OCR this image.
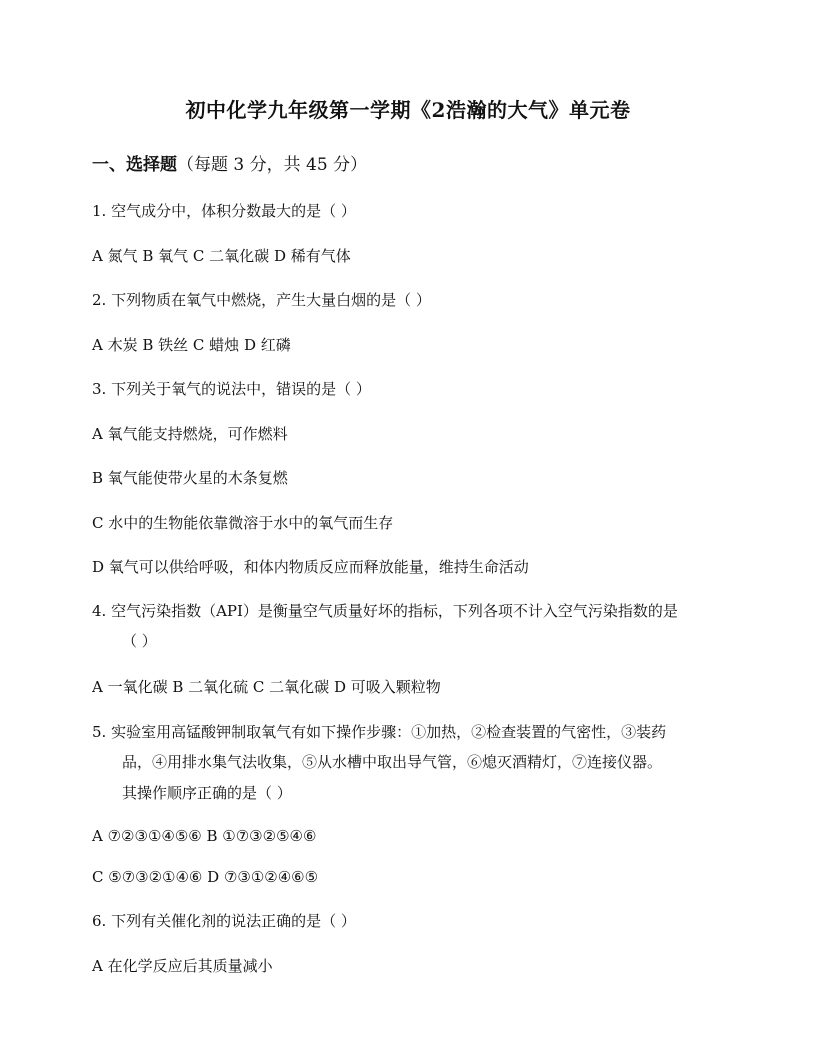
初中化学九年级第一学期《2浩瀚的大气》单元卷
一、选择题（每题 3 分，共 45 分）
1. 空气成分中，体积分数最大的是（ ）
A 氮气 B 氧气 C 二氧化碳 D 稀有气体
2. 下列物质在氧气中燃烧，产生大量白烟的是（ ）
A 木炭 B 铁丝 C 蜡烛 D 红磷
3. 下列关于氧气的说法中，错误的是（ ）
A 氧气能支持燃烧，可作燃料
B 氧气能使带火星的木条复燃
C 水中的生物能依靠微溶于水中的氧气而生存
D 氧气可以供给呼吸，和体内物质反应而释放能量，维持生命活动
4. 空气污染指数（API）是衡量空气质量好坏的指标，下列各项不计入空气污染指数的是
（ ）
A 一氧化碳 B 二氧化硫 C 二氧化碳 D 可吸入颗粒物
5. 实验室用高锰酸钾制取氧气有如下操作步骤：①加热，②检查装置的气密性，③装药
品，④用排水集气法收集，⑤从水槽中取出导气管，⑥熄灭酒精灯，⑦连接仪器。
其操作顺序正确的是（ ）
A ⑦②③①④⑤⑥ B ①⑦③②⑤④⑥
C ⑤⑦③②①④⑥ D ⑦③①②④⑥⑤
6. 下列有关催化剂的说法正确的是（ ）
A 在化学反应后其质量减小
